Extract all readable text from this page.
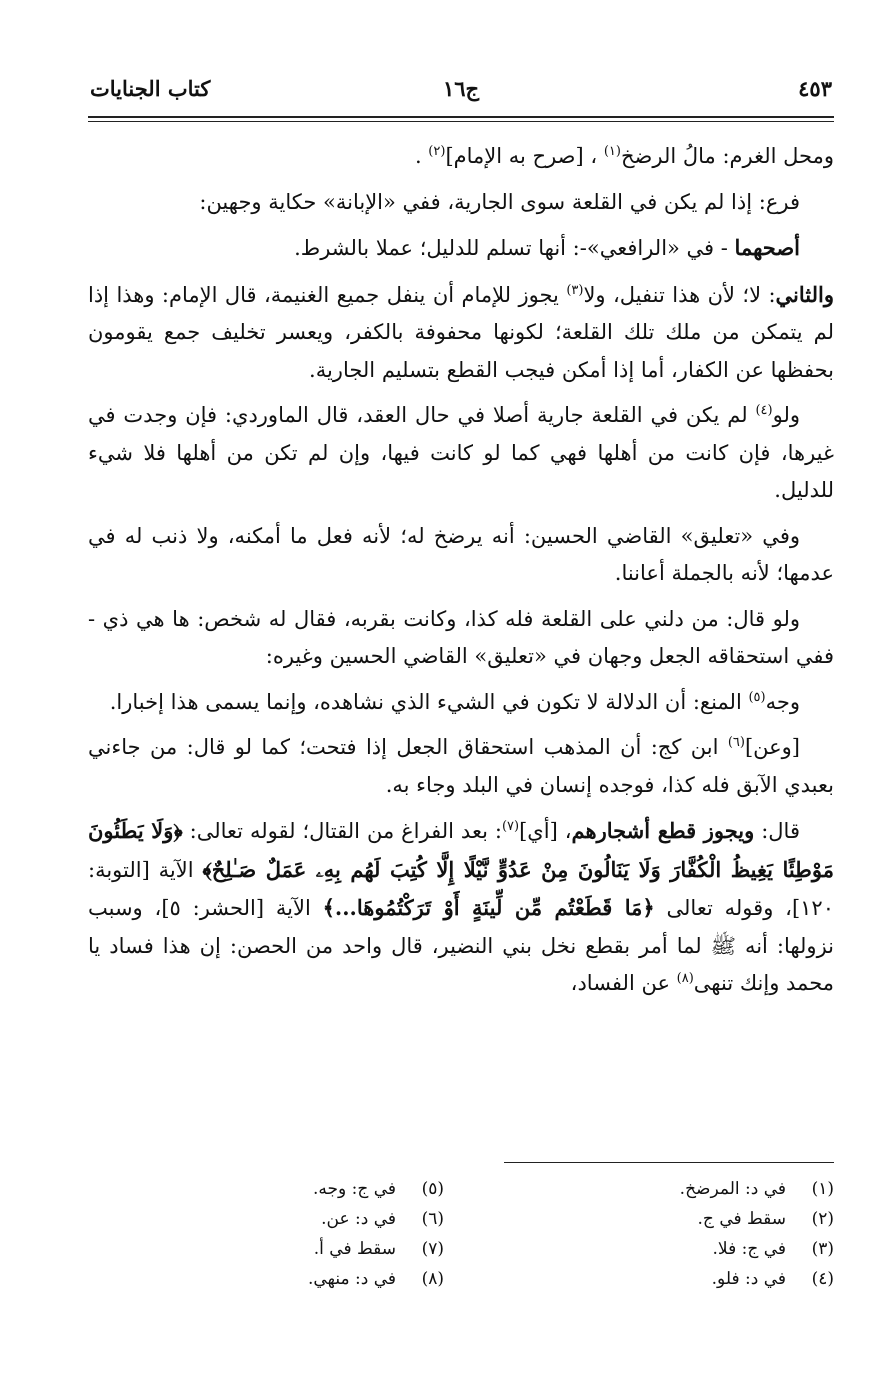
٤٥٣
ج١٦
كتاب الجنايات

ومحل الغرم: مالُ الرضخ$^{(١)}$ ، [صرح به الإمام]$^{(٢)}$ .

فرع: إذا لم يكن في القلعة سوى الجارية، ففي «الإبانة» حكاية وجهين:

أصحهما - في «الرافعي»-: أنها تسلم للدليل؛ عملا بالشرط.

والثاني: لا؛ لأن هذا تنفيل، ولا$^{(٣)}$ يجوز للإمام أن ينفل جميع الغنيمة، قال الإمام: وهذا إذا لم يتمكن من ملك تلك القلعة؛ لكونها محفوفة بالكفر، ويعسر تخليف جمع يقومون بحفظها عن الكفار، أما إذا أمكن فيجب القطع بتسليم الجارية.

ولو$^{(٤)}$ لم يكن في القلعة جارية أصلا في حال العقد، قال الماوردي: فإن وجدت في غيرها، فإن كانت من أهلها فهي كما لو كانت فيها، وإن لم تكن من أهلها فلا شيء للدليل.

وفي «تعليق» القاضي الحسين: أنه يرضخ له؛ لأنه فعل ما أمكنه، ولا ذنب له في عدمها؛ لأنه بالجملة أعاننا.

ولو قال: من دلني على القلعة فله كذا، وكانت بقربه، فقال له شخص: ها هي ذي - ففي استحقاقه الجعل وجهان في «تعليق» القاضي الحسين وغيره:

وجه$^{(٥)}$ المنع: أن الدلالة لا تكون في الشيء الذي نشاهده، وإنما يسمى هذا إخبارا.

[وعن]$^{(٦)}$ ابن كج: أن المذهب استحقاق الجعل إذا فتحت؛ كما لو قال: من جاءني بعبدي الآبق فله كذا، فوجده إنسان في البلد وجاء به.

قال: ويجوز قطع أشجارهم، [أي]$^{(٧)}$: بعد الفراغ من القتال؛ لقوله تعالى: ﴿وَلَا يَطَئُونَ مَوْطِئًا يَغِيظُ الْكُفَّارَ وَلَا يَنَالُونَ مِنْ عَدُوٍّ نَّيْلًا إِلَّا كُتِبَ لَهُم بِهِۦ عَمَلٌ صَـٰلِحٌ﴾ الآية [التوبة: ١٢٠]، وقوله تعالى ﴿مَا قَطَعْتُم مِّن لِّينَةٍ أَوْ تَرَكْتُمُوهَا...﴾ الآية [الحشر: ٥]، وسبب نزولها: أنه ﷺ لما أمر بقطع نخل بني النضير، قال واحد من الحصن: إن هذا فساد يا محمد وإنك تنهى$^{(٨)}$ عن الفساد،

(١)في د: المرضخ.
(٢)سقط في ج.
(٣)في ج: فلا.
(٤)في د: فلو.
(٥)في ج: وجه.
(٦)في د: عن.
(٧)سقط في أ.
(٨)في د: منهي.
